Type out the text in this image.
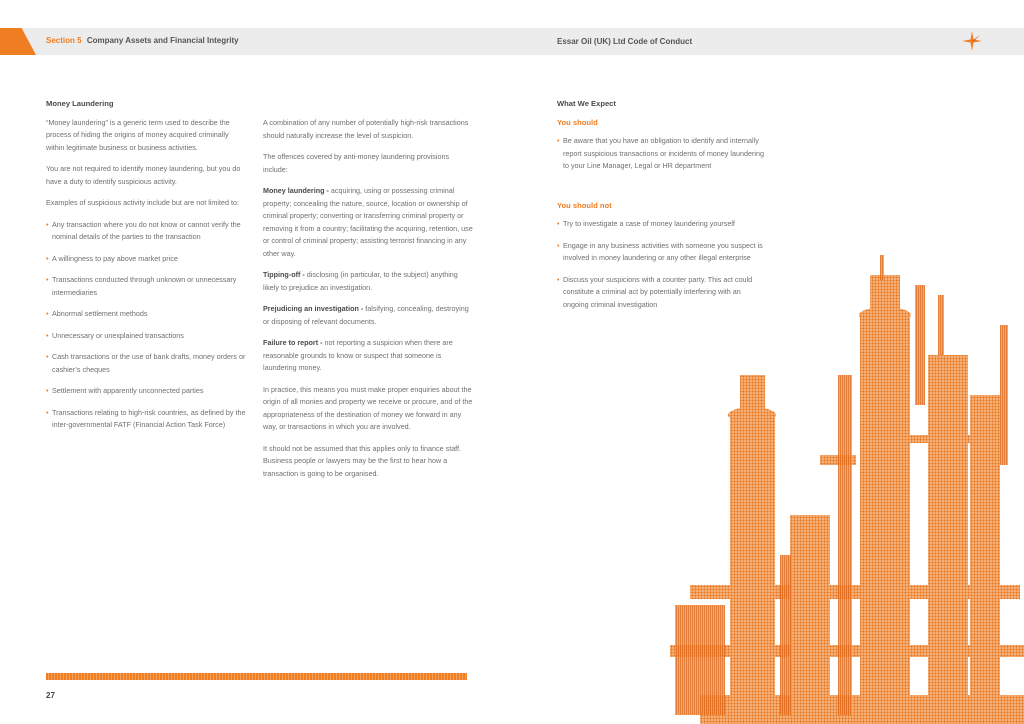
Section 5 Company Assets and Financial Integrity	Essar Oil (UK) Ltd Code of Conduct
Money Laundering

“Money laundering” is a generic term used to describe the process of hiding the origins of money acquired criminally within legitimate business or business activities.

You are not required to identify money laundering, but you do have a duty to identify suspicious activity.

Examples of suspicious activity include but are not limited to:

• Any transaction where you do not know or cannot verify the nominal details of the parties to the transaction
• A willingness to pay above market price
• Transactions conducted through unknown or unnecessary intermediaries
• Abnormal settlement methods
• Unnecessary or unexplained transactions
• Cash transactions or the use of bank drafts, money orders or cashier’s cheques
• Settlement with apparently unconnected parties
• Transactions relating to high-risk countries, as defined by the inter-governmental FATF (Financial Action Task Force)

A combination of any number of potentially high-risk transactions should naturally increase the level of suspicion.

The offences covered by anti-money laundering provisions include:

Money laundering - acquiring, using or possessing criminal property; concealing the nature, source, location or ownership of criminal property; converting or transferring criminal property or removing it from a country; facilitating the acquiring, retention, use or control of criminal property; assisting terrorist financing in any other way.

Tipping-off - disclosing (in particular, to the subject) anything likely to prejudice an investigation.

Prejudicing an investigation - falsifying, concealing, destroying or disposing of relevant documents.

Failure to report - not reporting a suspicion when there are reasonable grounds to know or suspect that someone is laundering money.

In practice, this means you must make proper enquiries about the origin of all monies and property we receive or procure, and of the appropriateness of the destination of money we forward in any way, or transactions in which you are involved.

It should not be assumed that this applies only to finance staff. Business people or lawyers may be the first to hear how a transaction is going to be organised.

What We Expect
You should
• Be aware that you have an obligation to identify and internally report suspicious transactions or incidents of money laundering to your Line Manager, Legal or HR department
You should not
• Try to investigate a case of money laundering yourself
• Engage in any business activities with someone you suspect is involved in money laundering or any other illegal enterprise
• Discuss your suspicions with a counter party. This act could constitute a criminal act by potentially interfering with an ongoing criminal investigation
27
